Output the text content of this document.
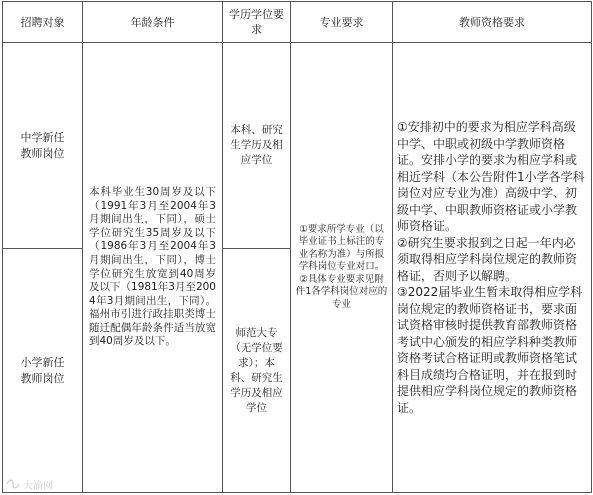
招聘对象	年龄条件	学历学位要求	专业要求	教师资格要求
中学新任教师岗位	本科毕业生30周岁及以下（1991年3月至2004年3月期间出生，下同），硕士学位研究生35周岁及以下（1986年3月至2004年3月期间出生，下同），博士学位研究生放宽到40周岁及以下（1981年3月至2004年3月期间出生，下同）。福州市引进行政挂职类博士随迁配偶年龄条件适当放宽到40周岁及以下。	本科、研究生学历及相应学位	①要求所学专业（以毕业证书上标注的专业名称为准）与所报学科岗位专业对口。②具体专业要求见附件1各学科岗位对应的专业	①安排初中的要求为相应学科高级中学、中职或初级中学教师资格证。安排小学的要求为相应学科或相近学科（本公告附件1小学各学科岗位对应专业为准）高级中学、初级中学、中职教师资格证或小学教师资格证。

②研究生要求报到之日起一年内必须取得相应学科岗位规定的教师资格证，否则予以解聘。

③2022届毕业生暂未取得相应学科岗位规定的教师资格证书，要求面试资格审核时提供教育部教师资格考试中心颁发的相应学科种类教师资格考试合格证明或教师资格笔试科目成绩均合格证明，并在报到时提供相应学科岗位规定的教师资格证。

小学新任教师岗位		师范大专（无学位要求）；本科、研究生学历及相应学位		
大渝网
